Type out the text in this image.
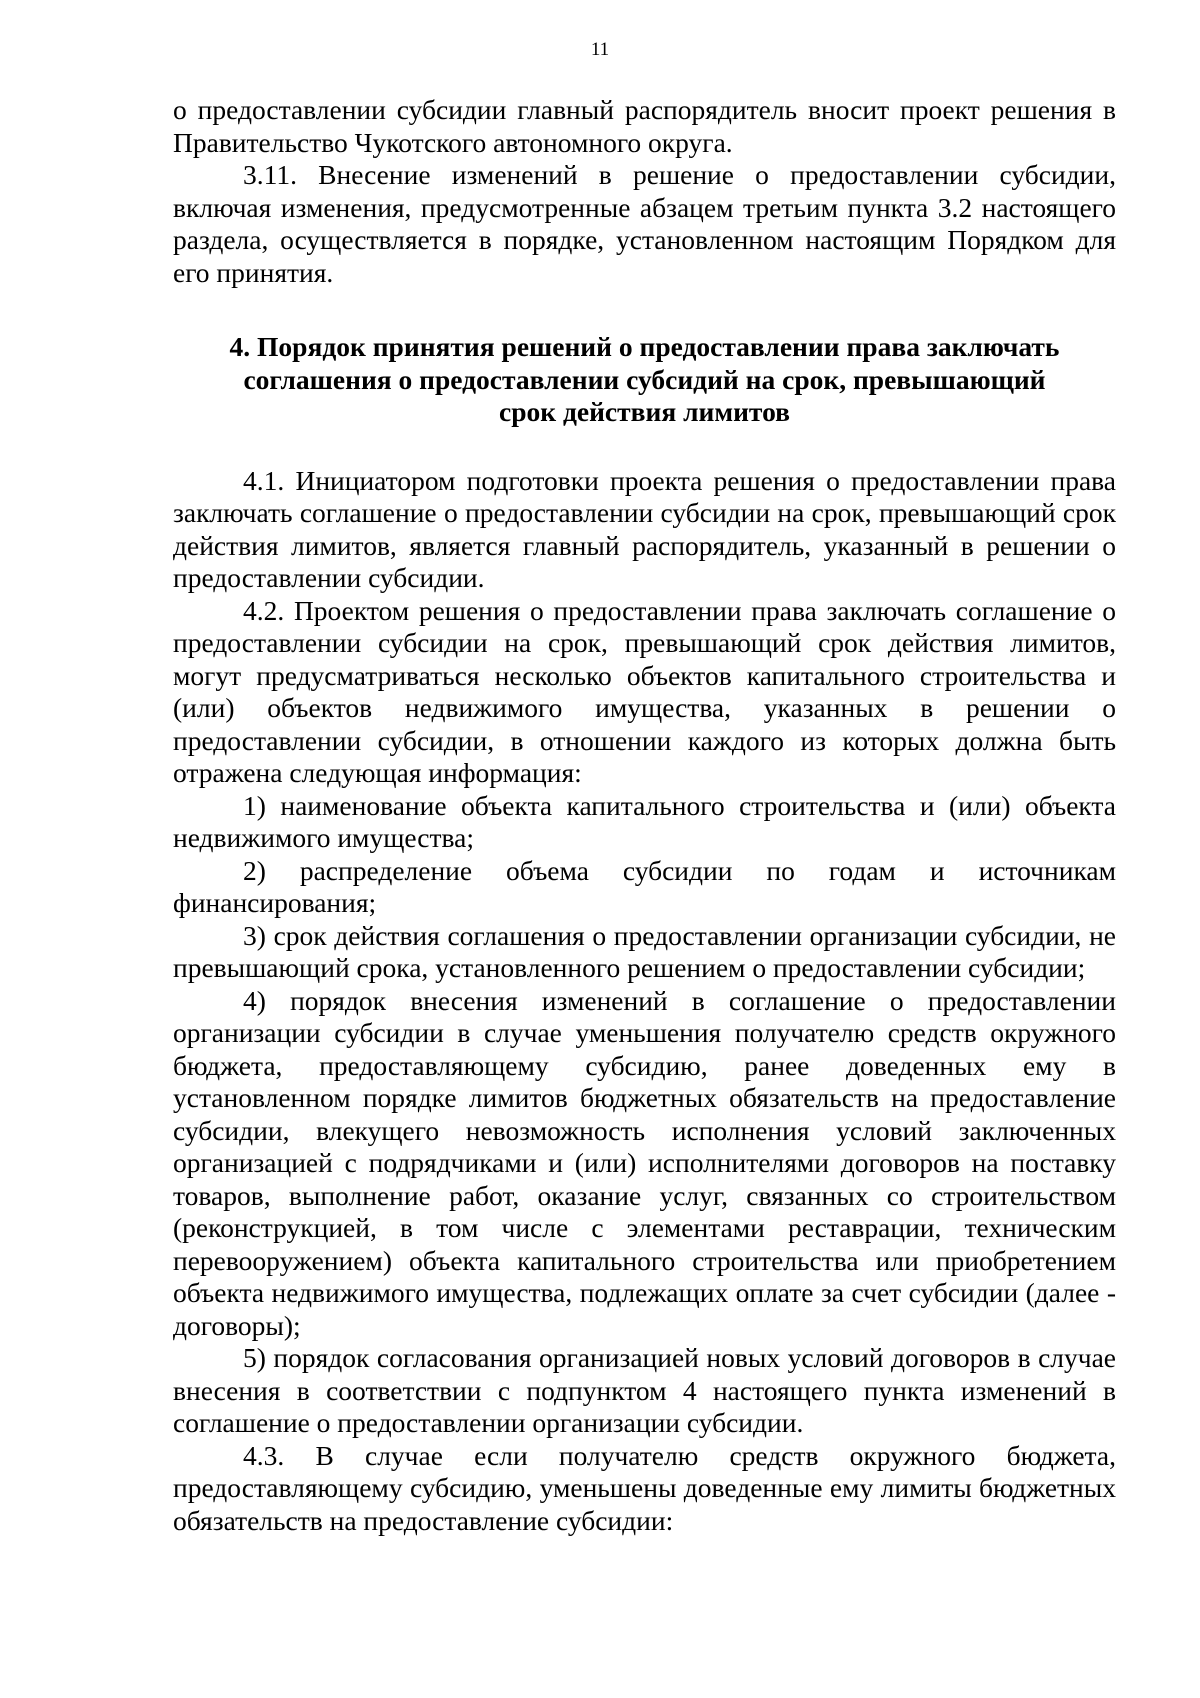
11

о предоставлении субсидии главный распорядитель вносит проект решения в Правительство Чукотского автономного округа.

3.11. Внесение изменений в решение о предоставлении субсидии, включая изменения, предусмотренные абзацем третьим пункта 3.2 настоящего раздела, осуществляется в порядке, установленном настоящим Порядком для его принятия.

4. Порядок принятия решений о предоставлении права заключать
соглашения о предоставлении субсидий на срок, превышающий
срок действия лимитов

4.1. Инициатором подготовки проекта решения о предоставлении права заключать соглашение о предоставлении субсидии на срок, превышающий срок действия лимитов, является главный распорядитель, указанный в решении о предоставлении субсидии.

4.2. Проектом решения о предоставлении права заключать соглашение о предоставлении субсидии на срок, превышающий срок действия лимитов, могут предусматриваться несколько объектов капитального строительства и (или) объектов недвижимого имущества, указанных в решении о предоставлении субсидии, в отношении каждого из которых должна быть отражена следующая информация:

1) наименование объекта капитального строительства и (или) объекта недвижимого имущества;

2) распределение объема субсидии по годам и источникам финансирования;

3) срок действия соглашения о предоставлении организации субсидии, не превышающий срока, установленного решением о предоставлении субсидии;

4) порядок внесения изменений в соглашение о предоставлении организации субсидии в случае уменьшения получателю средств окружного бюджета, предоставляющему субсидию, ранее доведенных ему в установленном порядке лимитов бюджетных обязательств на предоставление субсидии, влекущего невозможность исполнения условий заключенных организацией с подрядчиками и (или) исполнителями договоров на поставку товаров, выполнение работ, оказание услуг, связанных со строительством (реконструкцией, в том числе с элементами реставрации, техническим перевооружением) объекта капитального строительства или приобретением объекта недвижимого имущества, подлежащих оплате за счет субсидии (далее - договоры);

5) порядок согласования организацией новых условий договоров в случае внесения в соответствии с подпунктом 4 настоящего пункта изменений в соглашение о предоставлении организации субсидии.

4.3. В случае если получателю средств окружного бюджета, предоставляющему субсидию, уменьшены доведенные ему лимиты бюджетных обязательств на предоставление субсидии:
